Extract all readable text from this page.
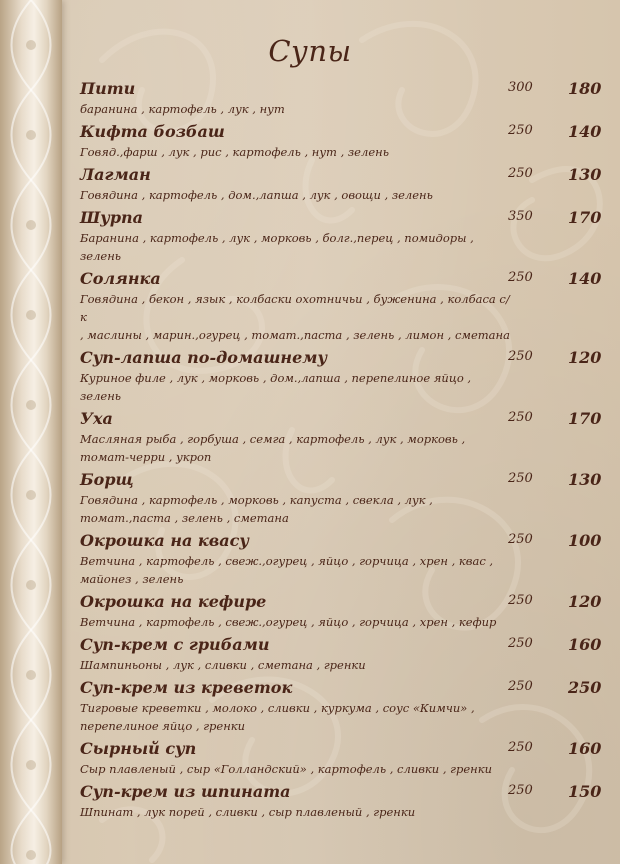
Супы
Пити	300	180
баранина , картофель , лук , нут
Кифта бозбаш	250	140
Говяд.,фарш , лук , рис , картофель , нут , зелень
Лагман	250	130
Говядина , картофель , дом.,лапша , лук , овощи , зелень
Шурпа	350	170
Баранина , картофель , лук , морковь , болг.,перец , помидоры , зелень
Солянка	250	140
Говядина , бекон , язык , колбаски охотничьи , буженина , колбаса с/к
, маслины , марин.,огурец , томат.,паста , зелень , лимон , сметана
Суп-лапша по-домашнему	250	120
Куриное филе , лук , морковь , дом.,лапша , перепелиное яйцо , зелень
Уха	250	170
Масляная рыба , горбуша , семга , картофель , лук , морковь ,
томат-черри , укроп
Борщ	250	130
Говядина , картофель , морковь , капуста , свекла , лук ,
томат.,паста , зелень , сметана
Окрошка на квасу	250	100
Ветчина , картофель , свеж.,огурец , яйцо , горчица , хрен , квас ,
майонез , зелень
Окрошка на кефире	250	120
Ветчина , картофель , свеж.,огурец , яйцо , горчица , хрен , кефир
Суп-крем с грибами	250	160
Шампиньоны , лук , сливки , сметана , гренки
Суп-крем из креветок	250	250
Тигровые креветки , молоко , сливки , куркума , соус «Кимчи» ,
перепелиное яйцо , гренки
Сырный суп	250	160
Сыр плавленый , сыр «Голландский» , картофель , сливки , гренки
Суп-крем из шпината	250	150
Шпинат , лук порей , сливки , сыр плавленый , гренки
